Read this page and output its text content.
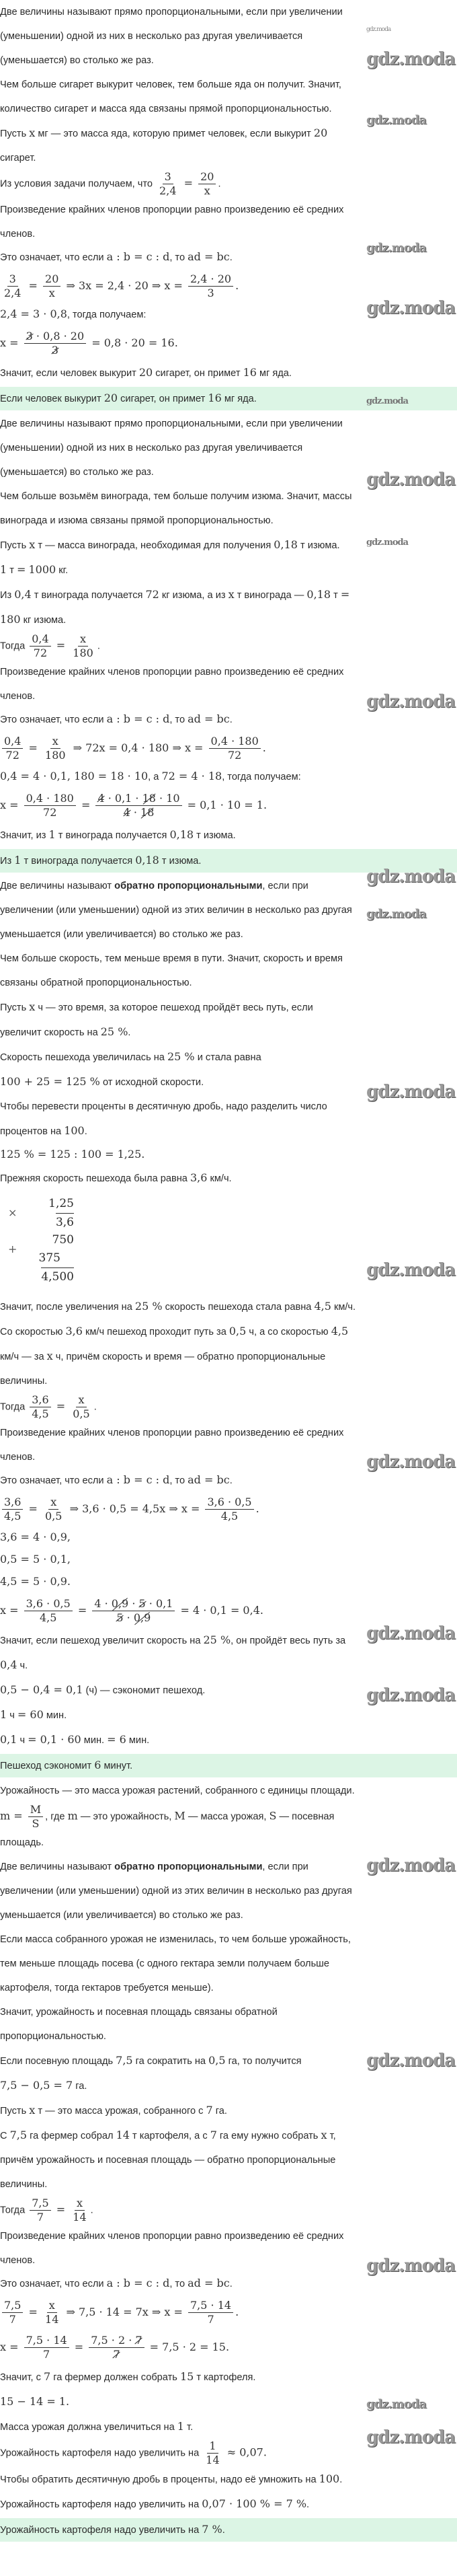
Две величины называют прямо пропорциональными, если при увеличении (уменьшении) одной из них в несколько раз другая увеличивается (уменьшается) во столько же раз.
Чем больше сигарет выкурит человек, тем больше яда он получит. Значит, количество сигарет и масса яда связаны прямой пропорциональностью.
Пусть x мг — это масса яда, которую примет человек, если выкурит 20 сигарет.
Из условия задачи получаем, что $\frac{3}{2,4} = \frac{20}{x}$ .
Произведение крайних членов пропорции равно произведению её средних членов.
Это означает, что если a : b = c : d, то ad = bc.
$\frac{3}{2,4} = \frac{20}{x}$ ⇒ 3x = 2,4 · 20 ⇒ $x = \frac{2,4 \cdot 20}{3}$ .
2,4 = 3 · 0,8, тогда получаем:
$x = \frac{3 \cdot 0,8 \cdot 20}{3} = 0,8 \cdot 20 = 16$.
Значит, если человек выкурит 20 сигарет, он примет 16 мг яда.
Если человек выкурит 20 сигарет, он примет 16 мг яда.
Две величины называют прямо пропорциональными, если при увеличении (уменьшении) одной из них в несколько раз другая увеличивается (уменьшается) во столько же раз.
Чем больше возьмём винограда, тем больше получим изюма. Значит, массы винограда и изюма связаны прямой пропорциональностью.
Пусть x т — масса винограда, необходимая для получения 0,18 т изюма.
1 т = 1000 кг.
Из 0,4 т винограда получается 72 кг изюма, а из x т винограда — 0,18 т = 180 кг изюма.
Тогда $\frac{0,4}{72} = \frac{x}{180}$ .
Произведение крайних членов пропорции равно произведению её средних членов.
Это означает, что если a : b = c : d, то ad = bc.
$\frac{0,4}{72} = \frac{x}{180}$ ⇒ 72x = 0,4 · 180 ⇒ $x = \frac{0,4 \cdot 180}{72}$ .
0,4 = 4 · 0,1, 180 = 18 · 10, а 72 = 4 · 18, тогда получаем:
$x = \frac{0,4 \cdot 180}{72} = \frac{4 \cdot 0,1 \cdot 18 \cdot 10}{4 \cdot 18} = 0,1 \cdot 10 = 1$.
Значит, из 1 т винограда получается 0,18 т изюма.
Из 1 т винограда получается 0,18 т изюма.
Две величины называют обратно пропорциональными, если при увеличении (или уменьшении) одной из этих величин в несколько раз другая уменьшается (или увеличивается) во столько же раз.
Чем больше скорость, тем меньше время в пути. Значит, скорость и время связаны обратной пропорциональностью.
Пусть x ч — это время, за которое пешеход пройдёт весь путь, если увеличит скорость на 25 %.
Скорость пешехода увеличилась на 25 % и стала равна 100 + 25 = 125 % от исходной скорости.
Чтобы перевести проценты в десятичную дробь, надо разделить число процентов на 100.
125 % = 125 : 100 = 1,25.
Прежняя скорость пешехода была равна 3,6 км/ч.
1,25
3,6
750
375
4,500
×
+
Значит, после увеличения на 25 % скорость пешехода стала равна 4,5 км/ч.
Со скоростью 3,6 км/ч пешеход проходит путь за 0,5 ч, а со скоростью 4,5 км/ч — за x ч, причём скорость и время — обратно пропорциональные величины.
Тогда $\frac{3,6}{4,5} = \frac{x}{0,5}$ .
Произведение крайних членов пропорции равно произведению её средних членов.
Это означает, что если a : b = c : d, то ad = bc.
$\frac{3,6}{4,5} = \frac{x}{0,5}$ ⇒ 3,6 · 0,5 = 4,5x ⇒ $x = \frac{3,6 \cdot 0,5}{4,5}$ .
3,6 = 4 · 0,9,
0,5 = 5 · 0,1,
4,5 = 5 · 0,9.
$x = \frac{3,6 \cdot 0,5}{4,5} = \frac{4 \cdot 0,9 \cdot 5 \cdot 0,1}{5 \cdot 0,9} = 4 \cdot 0,1 = 0,4$.
Значит, если пешеход увеличит скорость на 25 %, он пройдёт весь путь за 0,4 ч.
0,5 − 0,4 = 0,1 (ч) — сэкономит пешеход.
1 ч = 60 мин.
0,1 ч = 0,1 · 60 мин. = 6 мин.
Пешеход сэкономит 6 минут.
Урожайность — это масса урожая растений, собранного с единицы площади.
$m = \frac{M}{S}$ , где m — это урожайность, M — масса урожая, S — посевная площадь.
Две величины называют обратно пропорциональными, если при увеличении (или уменьшении) одной из этих величин в несколько раз другая уменьшается (или увеличивается) во столько же раз.
Если масса собранного урожая не изменилась, то чем больше урожайность, тем меньше площадь посева (с одного гектара земли получаем больше картофеля, тогда гектаров требуется меньше).
Значит, урожайность и посевная площадь связаны обратной пропорциональностью.
Если посевную площадь 7,5 га сократить на 0,5 га, то получится 7,5 − 0,5 = 7 га.
Пусть x т — это масса урожая, собранного с 7 га.
С 7,5 га фермер собрал 14 т картофеля, а с 7 га ему нужно собрать x т, причём урожайность и посевная площадь — обратно пропорциональные величины.
Тогда $\frac{7,5}{7} = \frac{x}{14}$ .
Произведение крайних членов пропорции равно произведению её средних членов.
Это означает, что если a : b = c : d, то ad = bc.
$\frac{7,5}{7} = \frac{x}{14}$ ⇒ 7,5 · 14 = 7x ⇒ $x = \frac{7,5 \cdot 14}{7}$ .
$x = \frac{7,5 \cdot 14}{7} = \frac{7,5 \cdot 2 \cdot 7}{7} = 7,5 \cdot 2 = 15$.
Значит, с 7 га фермер должен собрать 15 т картофеля.
15 − 14 = 1.
Масса урожая должна увеличиться на 1 т.
Урожайность картофеля надо увеличить на $\frac{1}{14} \approx 0,07$.
Чтобы обратить десятичную дробь в проценты, надо её умножить на 100.
Урожайность картофеля надо увеличить на 0,07 · 100 % = 7 %.
Урожайность картофеля надо увеличить на 7 %.
gdz.moda
gdz.moda
gdz.moda
gdz.moda
gdz.moda
gdz.moda
gdz.moda
gdz.moda
gdz.moda
gdz.moda
gdz.moda
gdz.moda
gdz.moda
gdz.moda
gdz.moda
gdz.moda
gdz.moda
gdz.moda
gdz.moda
gdz.moda
gdz.moda
